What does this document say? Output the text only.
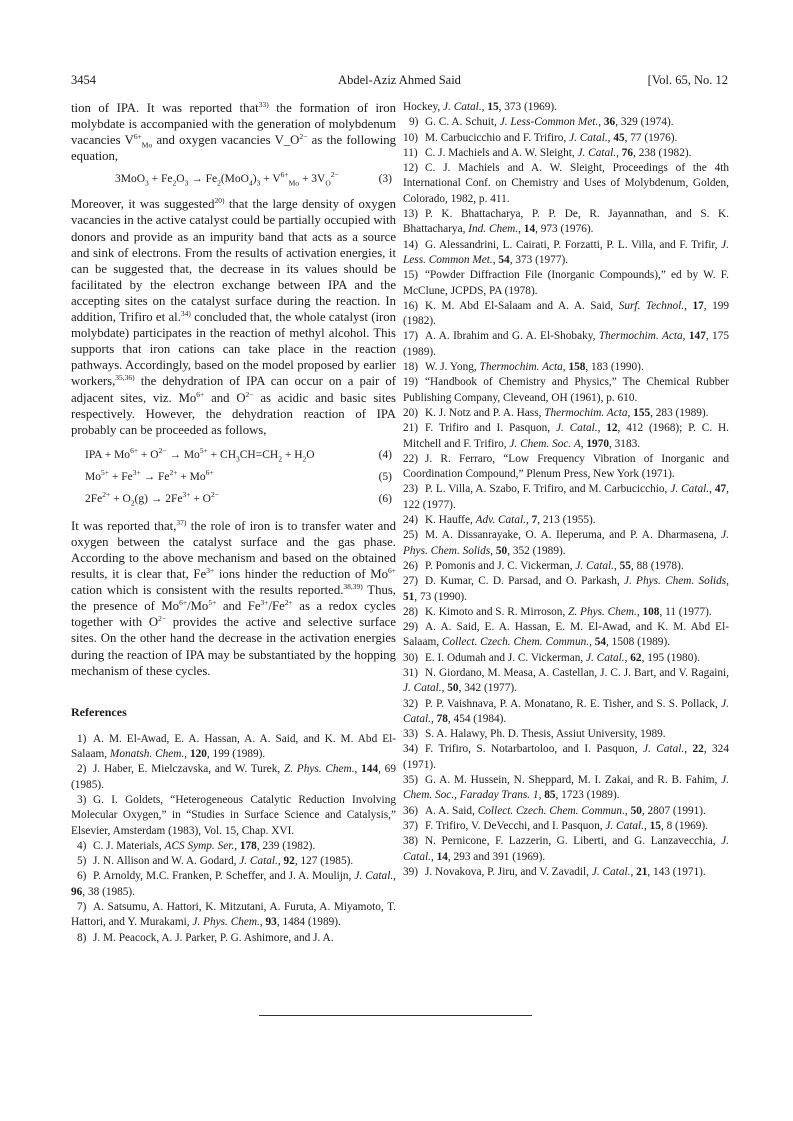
3454	Abdel-Aziz Ahmed Said	[Vol. 65, No. 12

tion of IPA. It was reported that$^{33)}$ the formation of iron molybdate is accompanied with the generation of molybdenum vacancies $V^{6+}_{Mo}$ and oxygen vacancies $V\_O^{2-}$ as the following equation,

$3MoO_3 + Fe_2O_3 \to Fe_2(MoO_4)_3 + V^{6+}_{Mo} + 3V_O^{2-}$	(3)

Moreover, it was suggested$^{20)}$ that the large density of oxygen vacancies in the active catalyst could be partially occupied with donors and provide as an impurity band that acts as a source and sink of electrons. From the results of activation energies, it can be suggested that, the decrease in its values should be facilitated by the electron exchange between IPA and the accepting sites on the catalyst surface during the reaction. In addition, Trifiro et al.$^{34)}$ concluded that, the whole catalyst (iron molybdate) participates in the reaction of methyl alcohol. This supports that iron cations can take place in the reaction pathways. Accordingly, based on the model proposed by earlier workers,$^{35,36)}$ the dehydration of IPA can occur on a pair of adjacent sites, viz. $Mo^{6+}$ and $O^{2-}$ as acidic and basic sites respectively. However, the dehydration reaction of IPA probably can be proceeded as follows,

IPA + $Mo^{6+} + O^{2-} \to Mo^{5+} + CH_3CH=CH_2 + H_2O$	(4)
$Mo^{5+} + Fe^{3+} \to Fe^{2+} + Mo^{6+}$	(5)
$2Fe^{2+} + O_2(g) \to 2Fe^{3+} + O^{2-}$	(6)

It was reported that,$^{37)}$ the role of iron is to transfer water and oxygen between the catalyst surface and the gas phase. According to the above mechanism and based on the obtained results, it is clear that, $Fe^{3+}$ ions hinder the reduction of $Mo^{6+}$ cation which is consistent with the results reported.$^{38,39)}$ Thus, the presence of $Mo^{6+}/Mo^{5+}$ and $Fe^{3+}/Fe^{2+}$ as a redox cycles together with $O^{2-}$ provides the active and selective surface sites. On the other hand the decrease in the activation energies during the reaction of IPA may be substantiated by the hopping mechanism of these cycles.

References

1) A. M. El-Awad, E. A. Hassan, A. A. Said, and K. M. Abd El-Salaam, Monatsh. Chem., 120, 199 (1989).

2) J. Haber, E. Mielczavska, and W. Turek, Z. Phys. Chem., 144, 69 (1985).

3) G. I. Goldets, “Heterogeneous Catalytic Reduction Involving Molecular Oxygen,” in “Studies in Surface Science and Catalysis,” Elsevier, Amsterdam (1983), Vol. 15, Chap. XVI.

4) C. J. Materials, ACS Symp. Ser., 178, 239 (1982).

5) J. N. Allison and W. A. Godard, J. Catal., 92, 127 (1985).

6) P. Arnoldy, M.C. Franken, P. Scheffer, and J. A. Moulijn, J. Catal., 96, 38 (1985).

7) A. Satsumu, A. Hattori, K. Mitzutani, A. Furuta, A. Miyamoto, T. Hattori, and Y. Murakami, J. Phys. Chem., 93, 1484 (1989).

8) J. M. Peacock, A. J. Parker, P. G. Ashimore, and J. A.

Hockey, J. Catal., 15, 373 (1969).

9) G. C. A. Schuit, J. Less-Common Met., 36, 329 (1974).

10) M. Carbucicchio and F. Trifiro, J. Catal., 45, 77 (1976).

11) C. J. Machiels and A. W. Sleight, J. Catal., 76, 238 (1982).

12) C. J. Machiels and A. W. Sleight, Proceedings of the 4th International Conf. on Chemistry and Uses of Molybdenum, Golden, Colorado, 1982, p. 411.

13) P. K. Bhattacharya, P. P. De, R. Jayannathan, and S. K. Bhattacharya, Ind. Chem., 14, 973 (1976).

14) G. Alessandrini, L. Cairati, P. Forzatti, P. L. Villa, and F. Trifir, J. Less. Common Met., 54, 373 (1977).

15) “Powder Diffraction File (Inorganic Compounds),” ed by W. F. McClune, JCPDS, PA (1978).

16) K. M. Abd El-Salaam and A. A. Said, Surf. Technol., 17, 199 (1982).

17) A. A. Ibrahim and G. A. El-Shobaky, Thermochim. Acta, 147, 175 (1989).

18) W. J. Yong, Thermochim. Acta, 158, 183 (1990).

19) “Handbook of Chemistry and Physics,” The Chemical Rubber Publishing Company, Cleveand, OH (1961), p. 610.

20) K. J. Notz and P. A. Hass, Thermochim. Acta, 155, 283 (1989).

21) F. Trifiro and I. Pasquon, J. Catal., 12, 412 (1968); P. C. H. Mitchell and F. Trifiro, J. Chem. Soc. A, 1970, 3183.

22) J. R. Ferraro, “Low Frequency Vibration of Inorganic and Coordination Compound,” Plenum Press, New York (1971).

23) P. L. Villa, A. Szabo, F. Trifiro, and M. Carbucicchio, J. Catal., 47, 122 (1977).

24) K. Hauffe, Adv. Catal., 7, 213 (1955).

25) M. A. Dissanrayake, O. A. Ileperuma, and P. A. Dharmasena, J. Phys. Chem. Solids, 50, 352 (1989).

26) P. Pomonis and J. C. Vickerman, J. Catal., 55, 88 (1978).

27) D. Kumar, C. D. Parsad, and O. Parkash, J. Phys. Chem. Solids, 51, 73 (1990).

28) K. Kimoto and S. R. Mirroson, Z. Phys. Chem., 108, 11 (1977).

29) A. A. Said, E. A. Hassan, E. M. El-Awad, and K. M. Abd El-Salaam, Collect. Czech. Chem. Commun., 54, 1508 (1989).

30) E. I. Odumah and J. C. Vickerman, J. Catal., 62, 195 (1980).

31) N. Giordano, M. Measa, A. Castellan, J. C. J. Bart, and V. Ragaini, J. Catal., 50, 342 (1977).

32) P. P. Vaishnava, P. A. Monatano, R. E. Tisher, and S. S. Pollack, J. Catal., 78, 454 (1984).

33) S. A. Halawy, Ph. D. Thesis, Assiut University, 1989.

34) F. Trifiro, S. Notarbartoloo, and I. Pasquon, J. Catal., 22, 324 (1971).

35) G. A. M. Hussein, N. Sheppard, M. I. Zakai, and R. B. Fahim, J. Chem. Soc., Faraday Trans. 1, 85, 1723 (1989).

36) A. A. Said, Collect. Czech. Chem. Commun., 50, 2807 (1991).

37) F. Trifiro, V. DeVecchi, and I. Pasquon, J. Catal., 15, 8 (1969).

38) N. Pernicone, F. Lazzerin, G. Liberti, and G. Lanzavecchia, J. Catal., 14, 293 and 391 (1969).

39) J. Novakova, P. Jiru, and V. Zavadil, J. Catal., 21, 143 (1971).
